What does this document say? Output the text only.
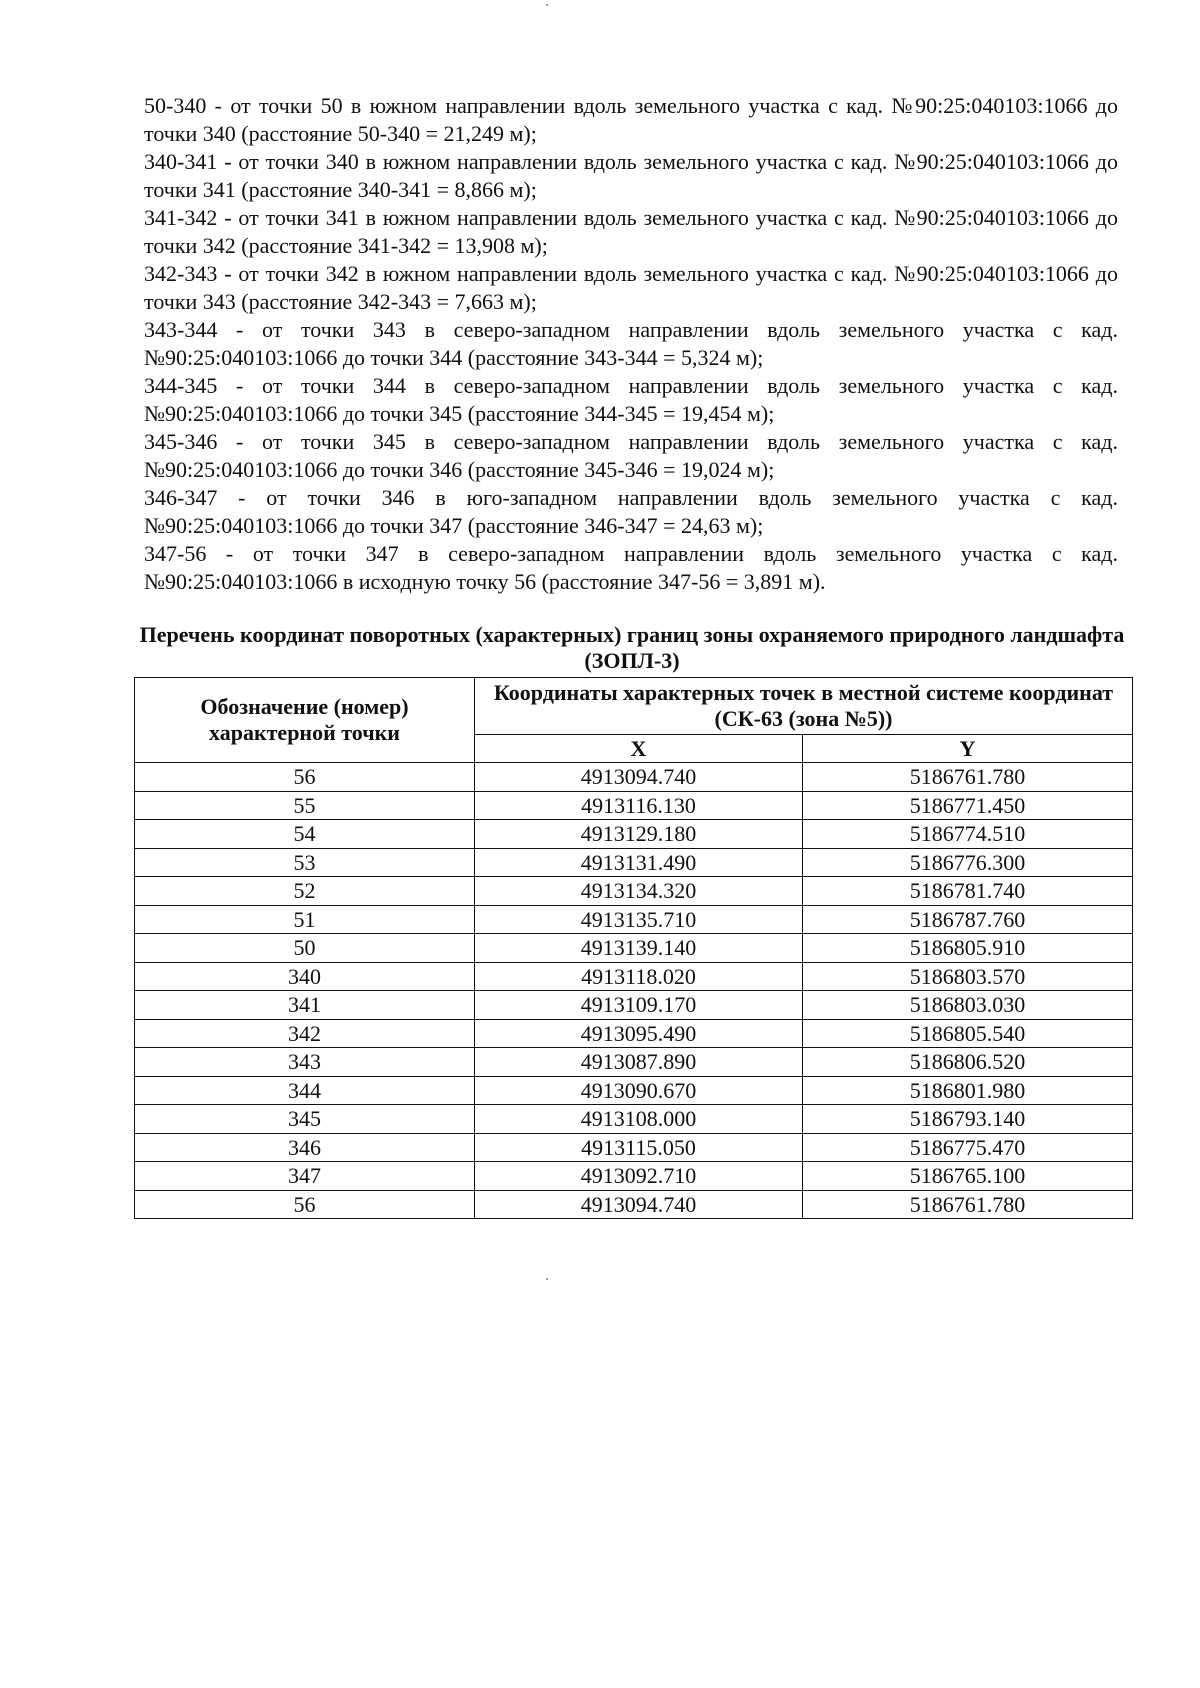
50-340 - от точки 50 в южном направлении вдоль земельного участка с кад. №90:25:040103:1066 до точки 340 (расстояние 50-340 = 21,249 м);

340-341 - от точки 340 в южном направлении вдоль земельного участка с кад. №90:25:040103:1066 до точки 341 (расстояние 340-341 = 8,866 м);

341-342 - от точки 341 в южном направлении вдоль земельного участка с кад. №90:25:040103:1066 до точки 342 (расстояние 341-342 = 13,908 м);

342-343 - от точки 342 в южном направлении вдоль земельного участка с кад. №90:25:040103:1066 до точки 343 (расстояние 342-343 = 7,663 м);

343-344 - от точки 343 в северо-западном направлении вдоль земельного участка с кад. №90:25:040103:1066 до точки 344 (расстояние 343-344 = 5,324 м);

344-345 - от точки 344 в северо-западном направлении вдоль земельного участка с кад. №90:25:040103:1066 до точки 345 (расстояние 344-345 = 19,454 м);

345-346 - от точки 345 в северо-западном направлении вдоль земельного участка с кад. №90:25:040103:1066 до точки 346 (расстояние 345-346 = 19,024 м);

346-347 - от точки 346 в юго-западном направлении вдоль земельного участка с кад. №90:25:040103:1066 до точки 347 (расстояние 346-347 = 24,63 м);

347-56 - от точки 347 в северо-западном направлении вдоль земельного участка с кад. №90:25:040103:1066 в исходную точку 56 (расстояние 347-56 = 3,891 м).

Перечень координат поворотных (характерных) границ зоны охраняемого природного ландшафта (ЗОПЛ-3)

Обозначение (номер) характерной точки	Координаты характерных точек в местной системе координат (СК-63 (зона №5))	
	X	Y
56	4913094.740	5186761.780
55	4913116.130	5186771.450
54	4913129.180	5186774.510
53	4913131.490	5186776.300
52	4913134.320	5186781.740
51	4913135.710	5186787.760
50	4913139.140	5186805.910
340	4913118.020	5186803.570
341	4913109.170	5186803.030
342	4913095.490	5186805.540
343	4913087.890	5186806.520
344	4913090.670	5186801.980
345	4913108.000	5186793.140
346	4913115.050	5186775.470
347	4913092.710	5186765.100
56	4913094.740	5186761.780
